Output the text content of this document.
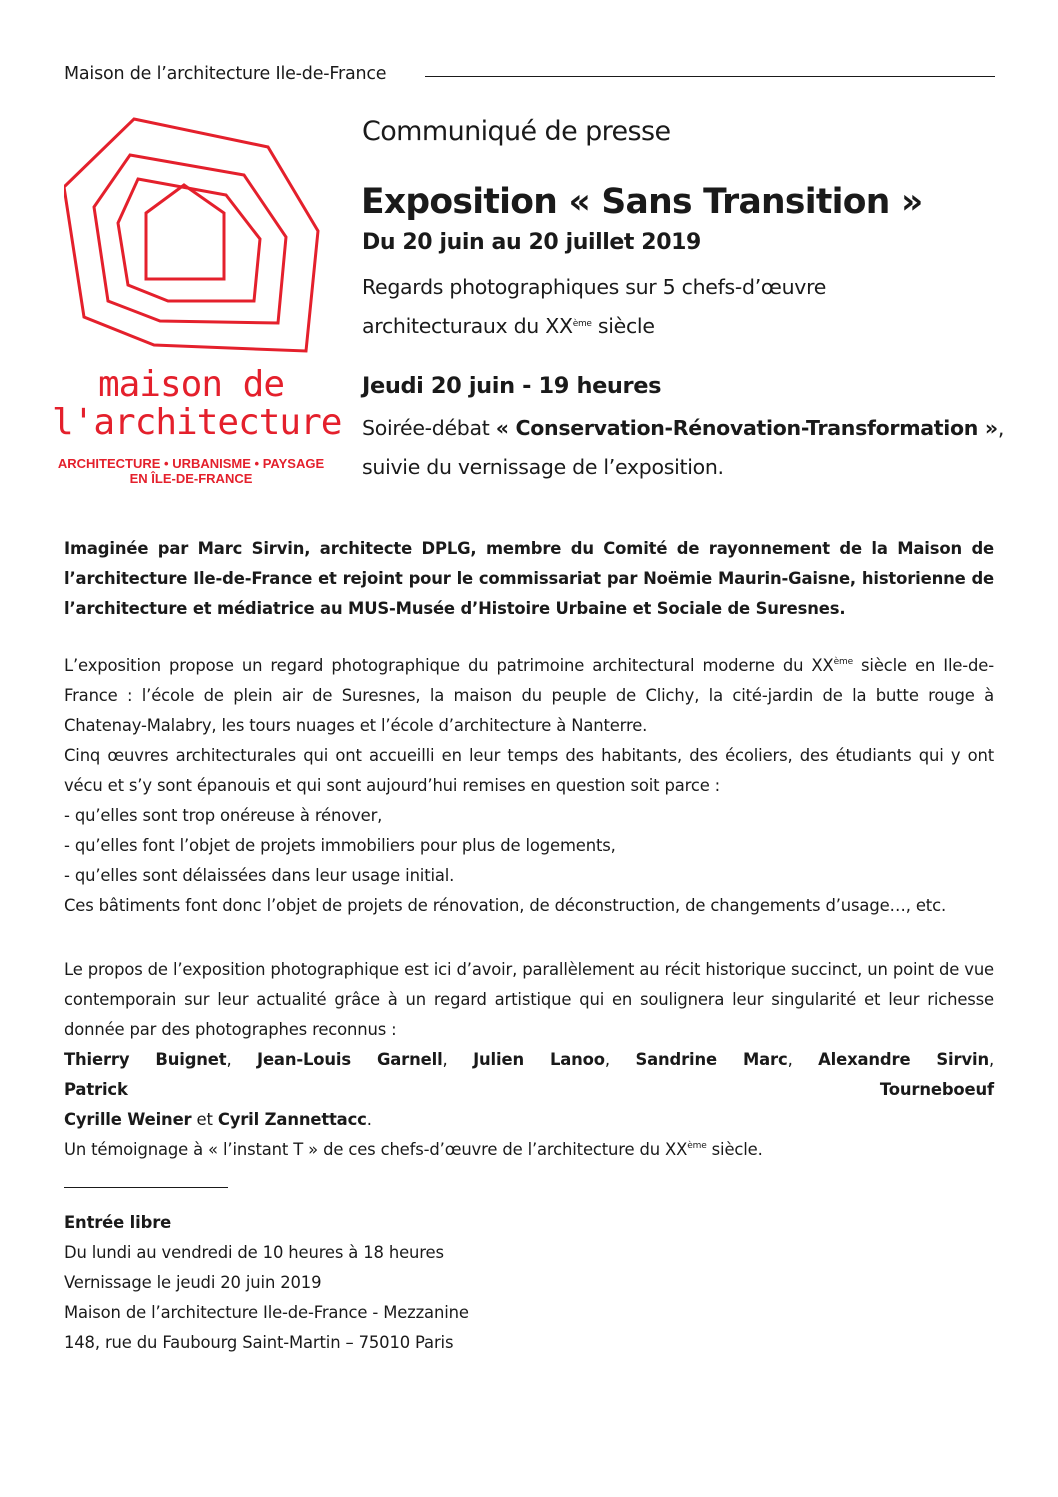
Maison de l’architecture Ile-de-France
maison de
l'architecture
ARCHITECTURE • URBANISME • PAYSAGE
EN ÎLE-DE-FRANCE
Communiqué de presse
Exposition « Sans Transition »
Du 20 juin au 20 juillet 2019
Regards photographiques sur 5 chefs-d’œuvre
architecturaux du XXème siècle
Jeudi 20 juin - 19 heures
Soirée-débat « Conservation-Rénovation-Transformation », suivie du vernissage de l’exposition.
Imaginée par Marc Sirvin, architecte DPLG, membre du Comité de rayonnement de la Maison de l’architecture Ile-de-France et rejoint pour le commissariat par Noëmie Maurin-Gaisne, historienne de l’architecture et médiatrice au MUS-Musée d’Histoire Urbaine et Sociale de Suresnes.
L’exposition propose un regard photographique du patrimoine architectural moderne du XXème siècle en Ile-de-France : l’école de plein air de Suresnes, la maison du peuple de Clichy, la cité-jardin de la butte rouge à Chatenay-Malabry, les tours nuages et l’école d’architecture à Nanterre.
Cinq œuvres architecturales qui ont accueilli en leur temps des habitants, des écoliers, des étudiants qui y ont vécu et s’y sont épanouis et qui sont aujourd’hui remises en question soit parce :
- qu’elles sont trop onéreuse à rénover,
- qu’elles font l’objet de projets immobiliers pour plus de logements,
- qu’elles sont délaissées dans leur usage initial.
Ces bâtiments font donc l’objet de projets de rénovation, de déconstruction, de changements d’usage…, etc.
Le propos de l’exposition photographique est ici d’avoir, parallèlement au récit historique succinct, un point de vue contemporain sur leur actualité grâce à un regard artistique qui en soulignera leur singularité et leur richesse donnée par des photographes reconnus :
Thierry Buignet, Jean-Louis Garnell, Julien Lanoo, Sandrine Marc, Alexandre Sirvin, Patrick Tourneboeuf
Cyrille Weiner et Cyril Zannettacc.
Un témoignage à « l’instant T » de ces chefs-d’œuvre de l’architecture du XXème siècle.
Entrée libre
Du lundi au vendredi de 10 heures à 18 heures
Vernissage le jeudi 20 juin 2019
Maison de l’architecture Ile-de-France - Mezzanine
148, rue du Faubourg Saint-Martin – 75010 Paris
